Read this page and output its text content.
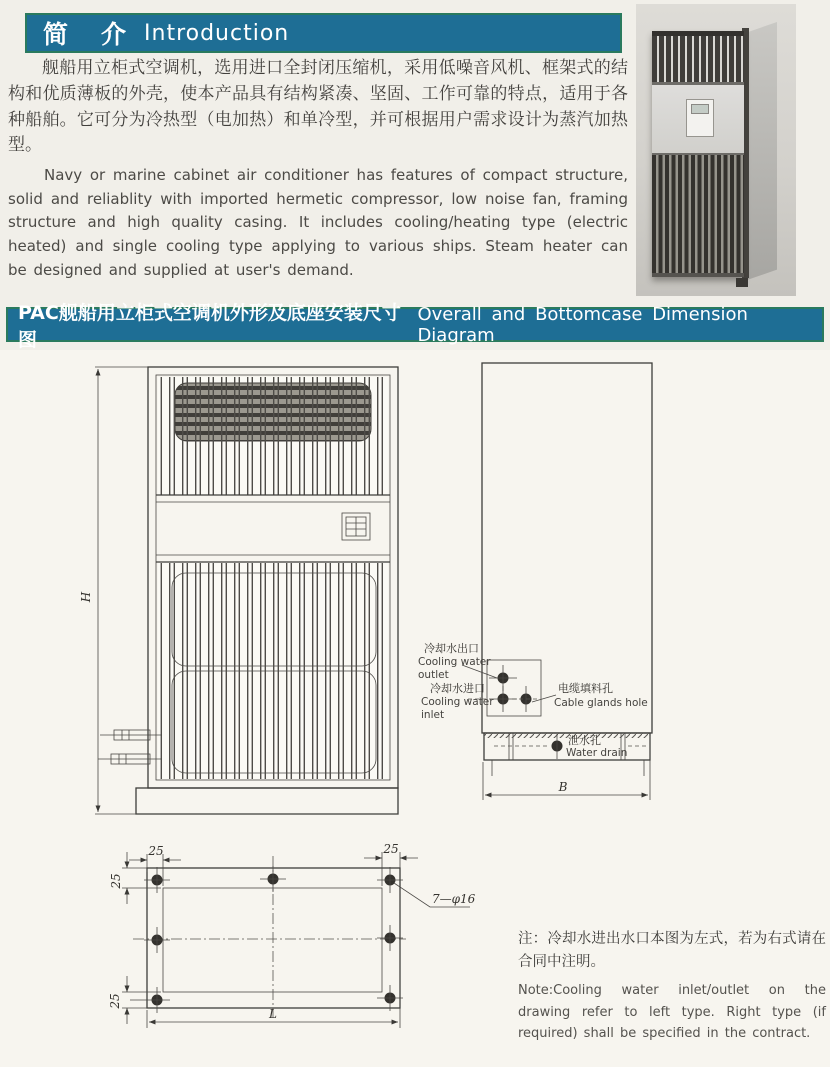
简　介 Introduction

舰船用立柜式空调机，选用进口全封闭压缩机，采用低噪音风机、框架式的结构和优质薄板的外壳，使本产品具有结构紧凑、坚固、工作可靠的特点，适用于各种船舶。它可分为冷热型（电加热）和单冷型，并可根据用户需求设计为蒸汽加热型。

Navy or marine cabinet air conditioner has features of compact structure, solid and reliablity with imported hermetic compressor, low noise fan, framing structure and high quality casing. It includes cooling/heating type (electric heated) and single cooling type applying to various ships. Steam heater can be designed and supplied at user's demand.

PAC舰船用立柜式空调机外形及底座安装尺寸图
Overall and Bottomcase Dimension Diagram
H
B
冷却水出口
Cooling water
outlet
冷却水进口
Cooling water
inlet
电缆填料孔
Cable glands hole
泄水孔
Water drain
25	25
25
25
L
7—φ16

注：冷却水进出水口本图为左式，若为右式请在合同中注明。

Note:Cooling water inlet/outlet on the drawing refer to left type. Right type (if required) shall be specified in the contract.
